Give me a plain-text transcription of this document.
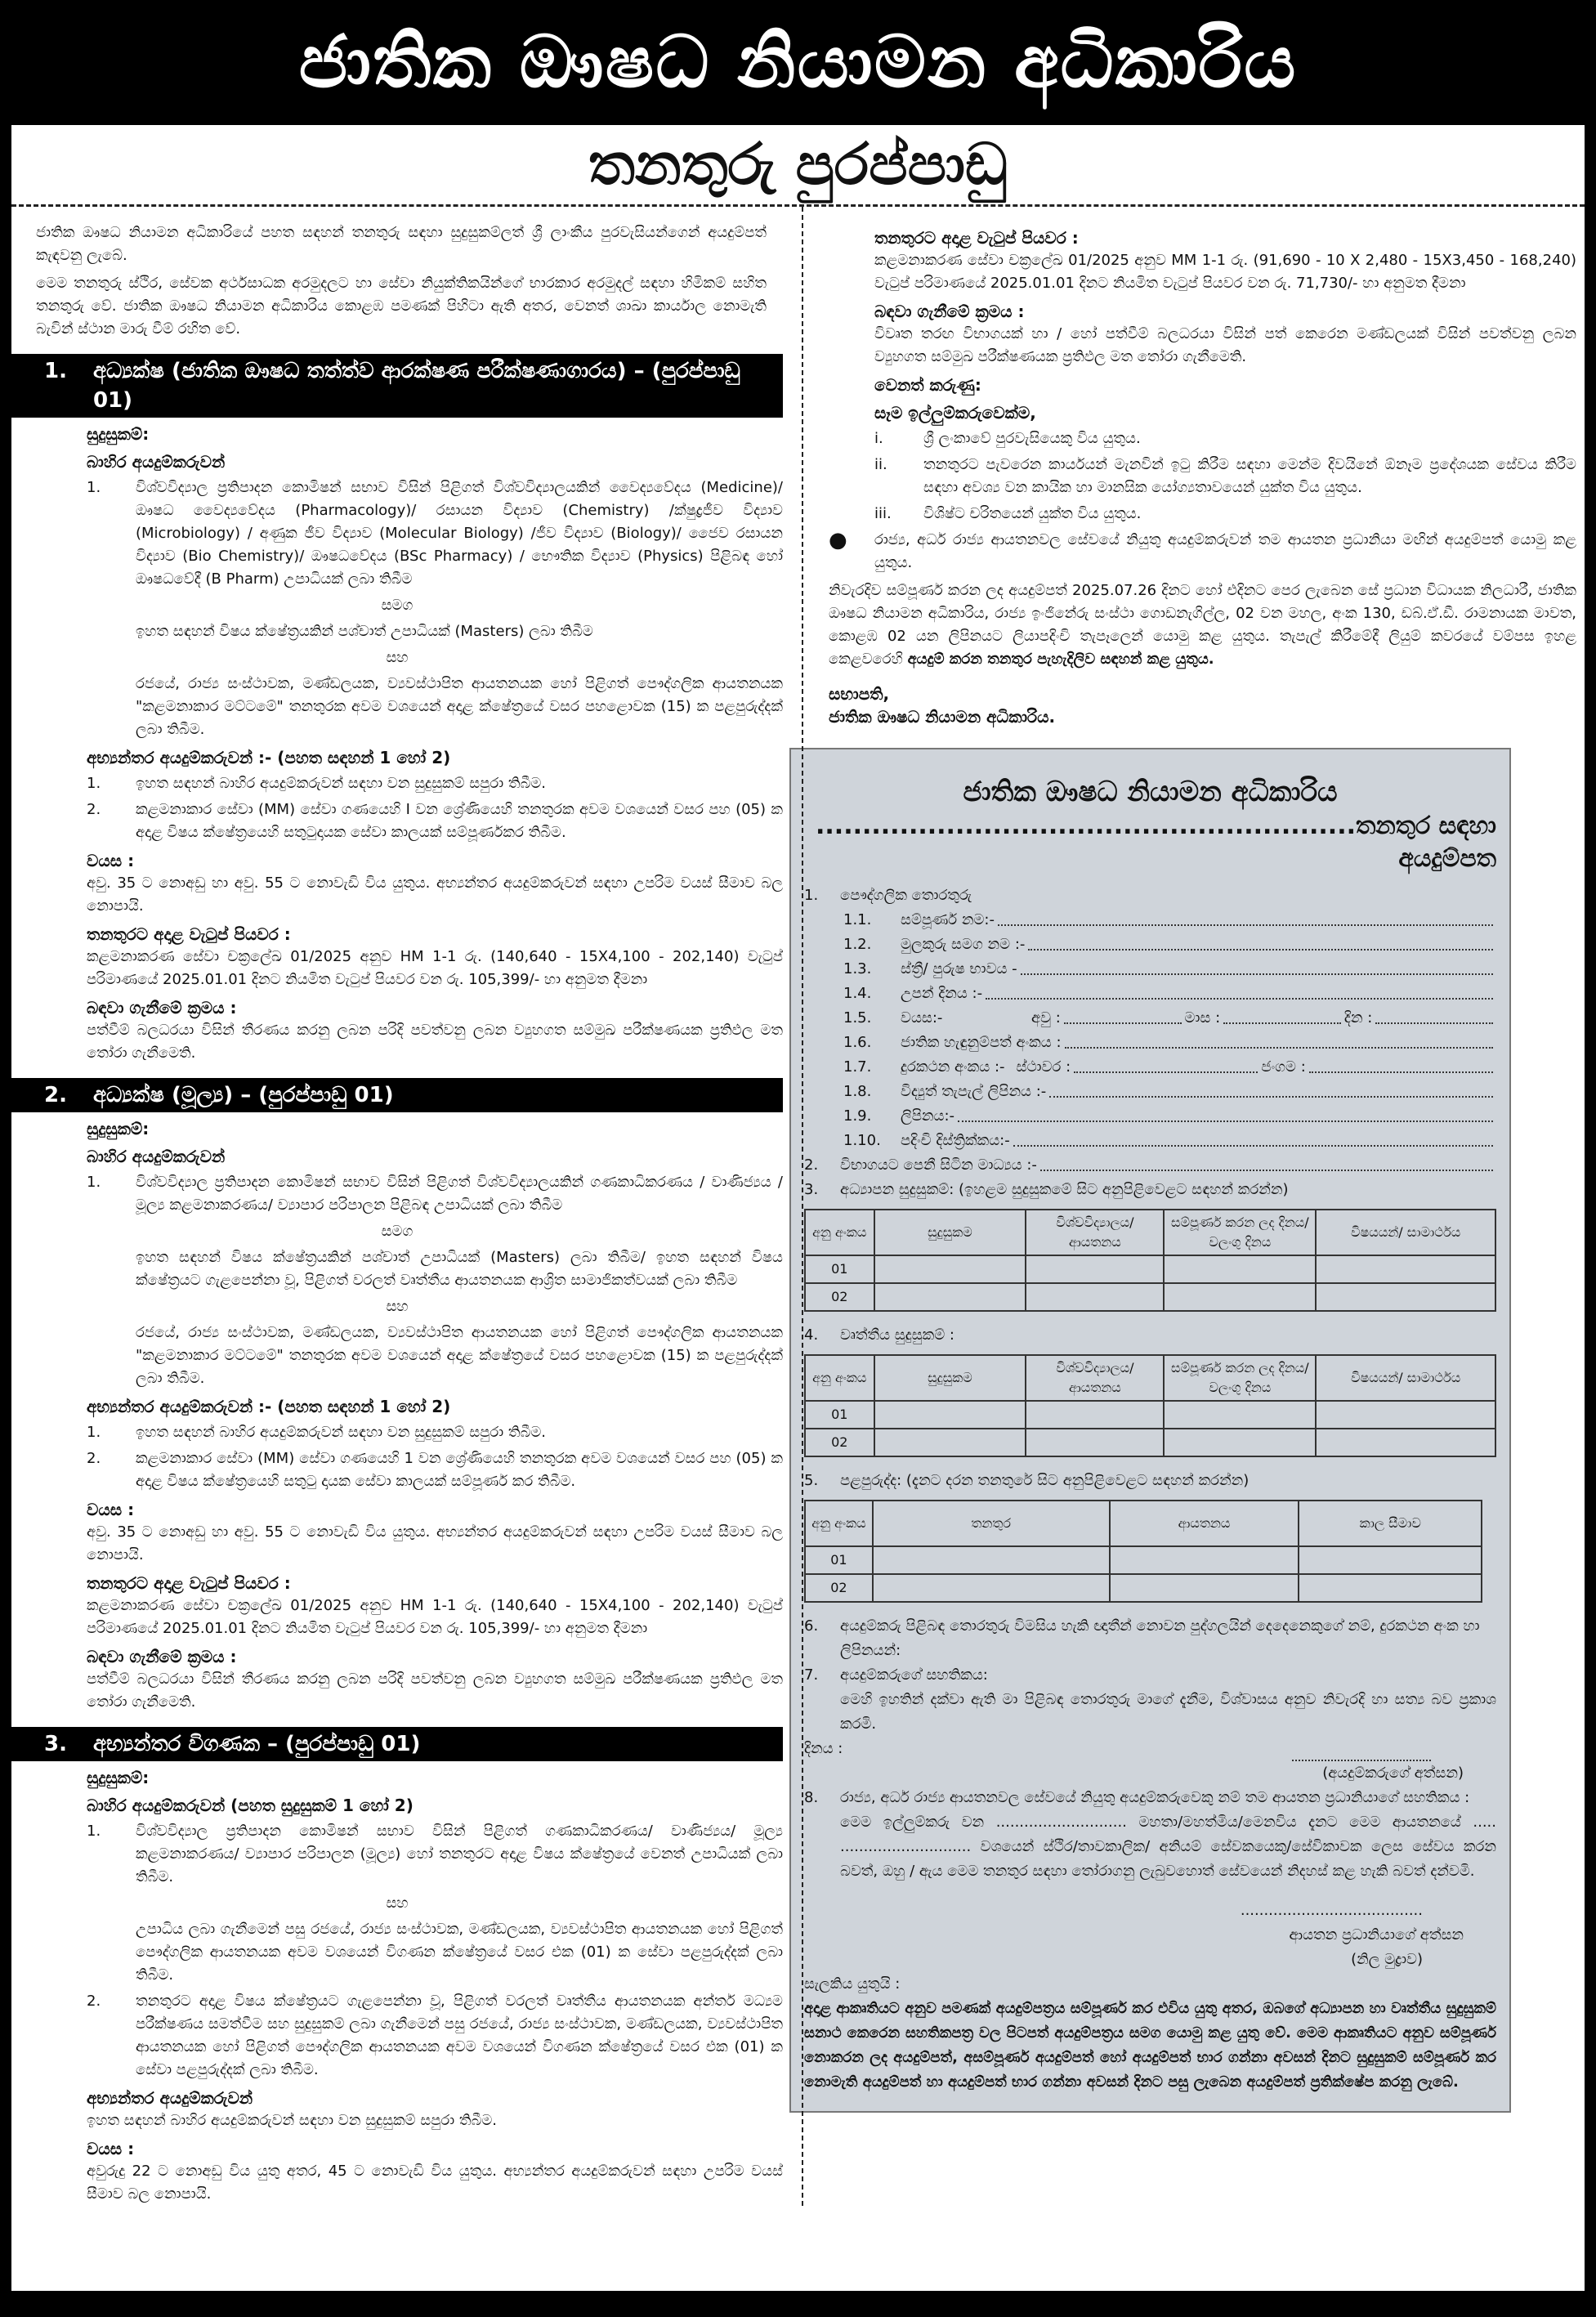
ජාතික ඖෂධ නියාමන අධිකාරිය
තනතුරු පුරප්පාඩු

ජාතික ඖෂධ නියාමන අධිකාරියේ පහත සඳහන් තනතුරු සඳහා සුදුසුකම්ලත් ශ්‍රී ලාංකීය පුරවැසියන්ගෙන් අයදුම්පත් කැඳවනු ලැබේ.

මෙම තනතුරු ස්ථිර, සේවක අර්ථසාධක අරමුදලට හා සේවා නියුක්තිකයින්ගේ භාරකාර අරමුදල් සඳහා හිමිකම් සහිත තනතුරු වේ. ජාතික ඖෂධ නියාමන අධිකාරිය කොළඹ පමණක් පිහිටා ඇති අතර, වෙනත් ශාඛා කාර්යාල නොමැති බැවින් ස්ථාන මාරු වීම් රහිත වේ.

1. අධ්‍යක්ෂ (ජාතික ඖෂධ තත්ත්ව ආරක්ෂණ පරීක්ෂණාගාරය) – (පුරප්පාඩු 01)
සුදුසුකම්:
බාහිර අයදුම්කරුවන්
1.	විශ්වවිද්‍යාල ප්‍රතිපාදන කොමිෂන් සභාව විසින් පිළිගත් විශ්වවිද්‍යාලයකින් වෛද්‍යවේදය (Medicine)/ ඖෂධ වෛද්‍යවේදය (Pharmacology)/ රසායන විද්‍යාව (Chemistry) /ක්ෂුද්‍රජීව විද්‍යාව (Microbiology) / අණුක ජීව විද්‍යාව (Molecular Biology) /ජීව විද්‍යාව (Biology)/ ජෛව රසායන විද්‍යාව (Bio Chemistry)/ ඖෂධවේදය (BSc Pharmacy) / භෞතික විද්‍යාව (Physics) පිළිබඳ හෝ ඖෂධවේදී (B Pharm) උපාධියක් ලබා තිබීම
සමග

ඉහත සඳහන් විෂය ක්ෂේත්‍රයකින් පශ්චාත් උපාධියක් (Masters) ලබා තිබීම

සහ

රජයේ, රාජ්‍ය සංස්ථාවක, මණ්ඩලයක, ව්‍යවස්ථාපිත ආයතනයක හෝ පිළිගත් පෞද්ගලික ආයතනයක "කළමනාකාර මට්ටමේ" තනතුරක අවම වශයෙන් අදාළ ක්ෂේත්‍රයේ වසර පහළොවක (15) ක පළපුරුද්දක් ලබා තිබීම.

අභ්‍යන්තර අයදුම්කරුවන් :- (පහත සඳහන් 1 හෝ 2)
1.	ඉහත සඳහන් බාහිර අයදුම්කරුවන් සඳහා වන සුදුසුකම් සපුරා තිබීම.
2.	කළමනාකාර සේවා (MM) සේවා ගණයෙහි I වන ශ්‍රේණියෙහි තනතුරක අවම වශයෙන් වසර පහ (05) ක අදාළ විෂය ක්ෂේත්‍රයෙහි සතුටුදායක සේවා කාලයක් සම්පූර්ණකර තිබීම.
වයස :

අවු. 35 ට නොඅඩු හා අවු. 55 ට නොවැඩි විය යුතුය. අභ්‍යන්තර අයදුම්කරුවන් සඳහා උපරිම වයස් සීමාව බල නොපායි.

තනතුරට අදාළ වැටුප් පියවර :

කළමනාකරණ සේවා චක්‍රලේඛ 01/2025 අනුව HM 1-1 රු. (140,640 - 15X4,100 - 202,140) වැටුප් පරිමාණයේ 2025.01.01 දිනට නියමිත වැටුප් පියවර වන රු. 105,399/- හා අනුමත දීමනා

බඳවා ගැනීමේ ක්‍රමය :

පත්වීම් බලධරයා විසින් තීරණය කරනු ලබන පරිදි පවත්වනු ලබන ව්‍යුහගත සම්මුඛ පරීක්ෂණයක ප්‍රතිඵල මත තෝරා ගැනීමෙති.

2. අධ්‍යක්ෂ (මූල්‍ය) – (පුරප්පාඩු 01)
සුදුසුකම්:
බාහිර අයදුම්කරුවන්
1.	විශ්වවිද්‍යාල ප්‍රතිපාදන කොමිෂන් සභාව විසින් පිළිගත් විශ්වවිද්‍යාලයකින් ගණකාධිකරණය / වාණිජ්‍යය /මූල්‍ය කළමනාකරණය/ ව්‍යාපාර පරිපාලන පිළිබඳ උපාධියක් ලබා තිබීම
සමග

ඉහත සඳහන් විෂය ක්ෂේත්‍රයකින් පශ්චාත් උපාධියක් (Masters) ලබා තිබීම/ ඉහත සඳහන් විෂය ක්ෂේත්‍රයට ගැළපෙන්නා වූ, පිළිගත් වරලත් වෘත්තීය ආයතනයක ආශ්‍රිත සාමාජිකත්වයක් ලබා තිබීම

සහ

රජයේ, රාජ්‍ය සංස්ථාවක, මණ්ඩලයක, ව්‍යවස්ථාපිත ආයතනයක හෝ පිළිගත් පෞද්ගලික ආයතනයක "කළමනාකාර මට්ටමේ" තනතුරක අවම වශයෙන් අදාළ ක්ෂේත්‍රයේ වසර පහළොවක (15) ක පළපුරුද්දක් ලබා තිබීම.

අභ්‍යන්තර අයදුම්කරුවන් :- (පහත සඳහන් 1 හෝ 2)
1.	ඉහත සඳහන් බාහිර අයදුම්කරුවන් සඳහා වන සුදුසුකම් සපුරා තිබීම.
2.	කළමනාකාර සේවා (MM) සේවා ගණයෙහි 1 වන ශ්‍රේණියෙහි තනතුරක අවම වශයෙන් වසර පහ (05) ක අදාළ විෂය ක්ෂේත්‍රයෙහි සතුටු දායක සේවා කාලයක් සම්පූර්ණ කර තිබීම.
වයස :

අවු. 35 ට නොඅඩු හා අවු. 55 ට නොවැඩි විය යුතුය. අභ්‍යන්තර අයදුම්කරුවන් සඳහා උපරිම වයස් සීමාව බල නොපායි.

තනතුරට අදාළ වැටුප් පියවර :

කළමනාකරණ සේවා චක්‍රලේඛ 01/2025 අනුව HM 1-1 රු. (140,640 - 15X4,100 - 202,140) වැටුප් පරිමාණයේ 2025.01.01 දිනට නියමිත වැටුප් පියවර වන රු. 105,399/- හා අනුමත දීමනා

බඳවා ගැනීමේ ක්‍රමය :

පත්වීම් බලධරයා විසින් තීරණය කරනු ලබන පරිදි පවත්වනු ලබන ව්‍යුහගත සම්මුඛ පරීක්ෂණයක ප්‍රතිඵල මත තෝරා ගැනීමෙති.

3. අභ්‍යන්තර විගණක – (පුරප්පාඩු 01)
සුදුසුකම්:
බාහිර අයදුම්කරුවන් (පහත සුදුසුකම් 1 හෝ 2)
1.	විශ්වවිද්‍යාල ප්‍රතිපාදන කොමිෂන් සභාව විසින් පිළිගත් ගණකාධිකරණය/ වාණිජ්‍යය/ මූල්‍ය කළමනාකරණය/ ව්‍යාපාර පරිපාලන (මූල්‍ය) හෝ තනතුරට අදාළ විෂය ක්ෂේත්‍රයේ වෙනත් උපාධියක් ලබා තිබීම.
සහ

උපාධිය ලබා ගැනීමෙන් පසු රජයේ, රාජ්‍ය සංස්ථාවක, මණ්ඩලයක, ව්‍යවස්ථාපිත ආයතනයක හෝ පිළිගත් පෞද්ගලික ආයතනයක අවම වශයෙන් විගණන ක්ෂේත්‍රයේ වසර එක (01) ක සේවා පළපුරුද්දක් ලබා තිබීම.

2.	තනතුරට අදාළ විෂය ක්ෂේත්‍රයට ගැළපෙන්නා වූ, පිළිගත් වරලත් වෘත්තීය ආයතනයක අන්තර් මධ්‍යම පරීක්ෂණය සමත්වීම සහ සුදුසුකම් ලබා ගැනීමෙන් පසු රජයේ, රාජ්‍ය සංස්ථාවක, මණ්ඩලයක, ව්‍යවස්ථාපිත ආයතනයක හෝ පිළිගත් පෞද්ගලික ආයතනයක අවම වශයෙන් විගණන ක්ෂේත්‍රයේ වසර එක (01) ක සේවා පළපුරුද්දක් ලබා තිබීම.
අභ්‍යන්තර අයදුම්කරුවන්

ඉහත සඳහන් බාහිර අයදුම්කරුවන් සඳහා වන සුදුසුකම් සපුරා තිබීම.

වයස :

අවුරුදු 22 ට නොඅඩු විය යුතු අතර, 45 ට නොවැඩි විය යුතුය. අභ්‍යන්තර අයදුම්කරුවන් සඳහා උපරිම වයස් සීමාව බල නොපායි.

තනතුරට අදාළ වැටුප් පියවර :

කළමනාකරණ සේවා චක්‍රලේඛ 01/2025 අනුව MM 1-1 රු. (91,690 - 10 X 2,480 - 15X3,450 - 168,240) වැටුප් පරිමාණයේ 2025.01.01 දිනට නියමිත වැටුප් පියවර වන රු. 71,730/- හා අනුමත දීමනා

බඳවා ගැනීමේ ක්‍රමය :

විවෘත තරඟ විභාගයක් හා / හෝ පත්වීම් බලධරයා විසින් පත් කෙරෙන මණ්ඩලයක් විසින් පවත්වනු ලබන ව්‍යුහගත සම්මුඛ පරීක්ෂණයක ප්‍රතිඵල මත තෝරා ගැනීමෙති.

වෙනත් කරුණු:
සෑම ඉල්ලුම්කරුවෙක්ම,
i.	ශ්‍රී ලංකාවේ පුරවැසියෙකු විය යුතුය.
ii.	තනතුරට පැවරෙන කාර්යයන් මැනවින් ඉටු කිරීම සඳහා මෙන්ම දිවයිනේ ඕනෑම ප්‍රදේශයක සේවය කිරීම සඳහා අවශ්‍ය වන කායික හා මානසික යෝග්‍යතාවයෙන් යුක්ත විය යුතුය.
iii.	විශිෂ්ට චරිතයෙන් යුක්ත විය යුතුය.
●	රාජ්‍ය, අර්ධ රාජ්‍ය ආයතනවල සේවයේ නියුතු අයදුම්කරුවන් තම ආයතන ප්‍රධානියා මඟින් අයදුම්පත් යොමු කළ යුතුය.

නිවැරදිව සම්පූර්ණ කරන ලද අයදුම්පත් 2025.07.26 දිනට හෝ එදිනට පෙර ලැබෙන සේ ප්‍රධාන විධායක නිලධාරී, ජාතික ඖෂධ නියාමන අධිකාරිය, රාජ්‍ය ඉංජිනේරු සංස්ථා ගොඩනැගිල්ල, 02 වන මහල, අංක 130, ඩබ්.ඒ.ඩී. රාමනායක මාවත, කොළඹ 02 යන ලිපිනයට ලියාපදිංචි තැපෑලෙන් යොමු කළ යුතුය. තැපැල් කිරීමේදී ලියුම් කවරයේ වම්පස ඉහළ කෙළවරෙහි අයදුම් කරන තනතුර පැහැදිලිව සඳහන් කළ යුතුය.

සභාපති,
ජාතික ඖෂධ නියාමන අධිකාරිය.
ජාතික ඖෂධ නියාමන අධිකාරිය
..........................................................තනතුර සඳහා අයදුම්පත
1.	පෞද්ගලික තොරතුරු
1.1.	සම්පූර්ණ නම:-
1.2.	මුලකුරු සමග නම :-
1.3.	ස්ත්‍රී/ පුරුෂ භාවය -
1.4.	උපන් දිනය :-
1.5.	වයස:-	අවු :	මාස :	දින :
1.6.	ජාතික හැඳුනුම්පත් අංකය :
1.7.	දුරකථන අංකය :- ස්ථාවර :	ජංගම :
1.8.	විද්‍යුත් තැපැල් ලිපිනය :-
1.9.	ලිපිනය:-
1.10.	පදිංචි දිස්ත්‍රික්කය:-
2.	විභාගයට පෙනී සිටින මාධ්‍යය :-
3.	අධ්‍යාපන සුදුසුකම්: (ඉහළම සුදුසුකමේ සිට අනුපිළිවෙළට සඳහන් කරන්න)
අනු අංකය	සුදුසුකම	විශ්වවිද්‍යාලය/ ආයතනය	සම්පූර්ණ කරන ලද දිනය/ වලංගු දිනය	විෂයයන්/ සාමාර්ථය
01				
02				
4.	වෘත්තීය සුදුසුකම් :
අනු අංකය	සුදුසුකම	විශ්වවිද්‍යාලය/ ආයතනය	සම්පූර්ණ කරන ලද දිනය/ වලංගු දිනය	විෂයයන්/ සාමාර්ථය
01				
02				
5.	පළපුරුද්ද: (දැනට දරන තනතුරේ සිට අනුපිළිවෙළට සඳහන් කරන්න)
අනු අංකය	තනතුර	ආයතනය	කාල සීමාව
01			
02			
6.	අයදුම්කරු පිළිබඳ තොරතුරු විමසිය හැකි ඥාතීන් නොවන පුද්ගලයින් දෙදෙනෙකුගේ නම්, දුරකථන අංක හා ලිපිනයන්:
7.	අයදුම්කරුගේ සහතිකය:

මෙහි ඉහතින් දක්වා ඇති මා පිළිබඳ තොරතුරු මාගේ දැනීම, විශ්වාසය අනුව නිවැරදි හා සත්‍ය බව ප්‍රකාශ කරමි.

දිනය :
(අයදුම්කරුගේ අත්සන)
8.	රාජ්‍ය, අර්ධ රාජ්‍ය ආයතනවල සේවයේ නියුතු අයදුම්කරුවෙකු නම් තම ආයතන ප්‍රධානියාගේ සහතිකය :

මෙම ඉල්ලුම්කරු වන ............................ මහතා/මහත්මිය/මෙනවිය දැනට මෙම ආයතනයේ ..... ............................ වශයෙන් ස්ථිර/තාවකාලික/ අනියම් සේවකයෙකු/සේවිකාවක ලෙස සේවය කරන බවත්, ඔහු / ඇය මෙම තනතුර සඳහා තෝරාගනු ලැබුවහොත් සේවයෙන් නිදහස් කළ හැකි බවත් දන්වමි.

.......................................
ආයතන ප්‍රධානියාගේ අත්සන
(නිල මුද්‍රාව)
සැලකිය යුතුයි :

අදාළ ආකෘතියට අනුව පමණක් අයදුම්පත්‍රය සම්පූර්ණ කර එවිය යුතු අතර, ඔබගේ අධ්‍යාපන හා වෘත්තීය සුදුසුකම් සනාථ කෙරෙන සහතිකපත්‍ර වල පිටපත් අයදුම්පත්‍රය සමග යොමු කළ යුතු වේ. මෙම ආකෘතියට අනුව සම්පූර්ණ නොකරන ලද අයදුම්පත්, අසම්පූර්ණ අයදුම්පත් හෝ අයදුම්පත් භාර ගන්නා අවසන් දිනට සුදුසුකම් සම්පූර්ණ කර නොමැති අයදුම්පත් හා අයදුම්පත් භාර ගන්නා අවසන් දිනට පසු ලැබෙන අයදුම්පත් ප්‍රතික්ෂේප කරනු ලැබේ.
